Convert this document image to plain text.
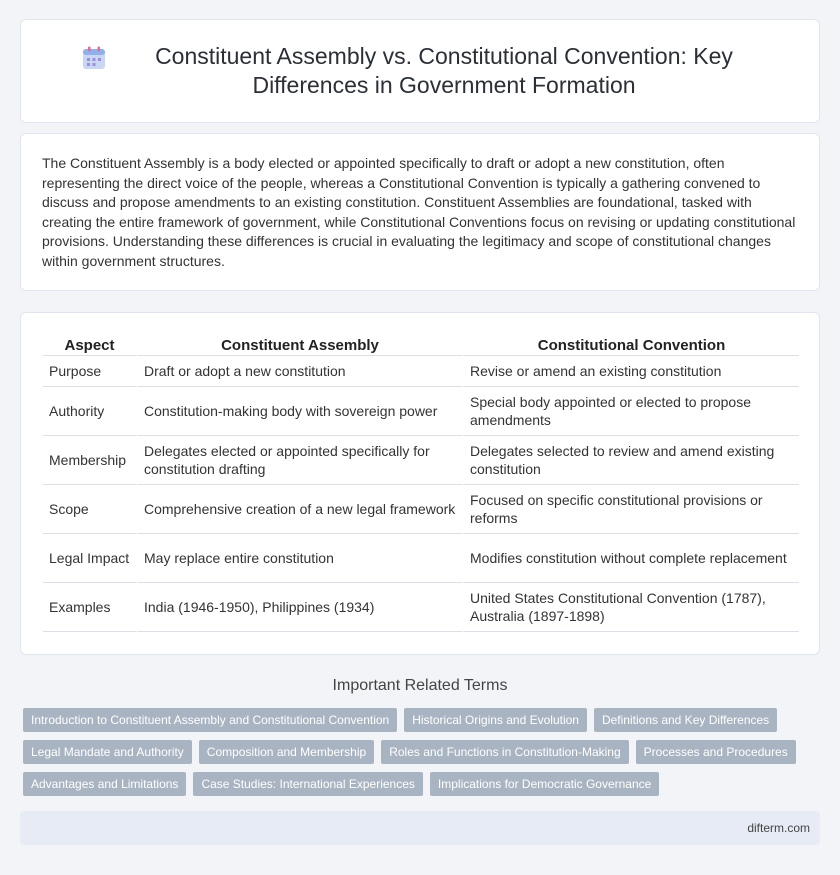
Constituent Assembly vs. Constitutional Convention: Key Differences in Government Formation

The Constituent Assembly is a body elected or appointed specifically to draft or adopt a new constitution, often representing the direct voice of the people, whereas a Constitutional Convention is typically a gathering convened to discuss and propose amendments to an existing constitution. Constituent Assemblies are foundational, tasked with creating the entire framework of government, while Constitutional Conventions focus on revising or updating constitutional provisions. Understanding these differences is crucial in evaluating the legitimacy and scope of constitutional changes within government structures.

Aspect	Constituent Assembly	Constitutional Convention
Purpose	Draft or adopt a new constitution	Revise or amend an existing constitution
Authority	Constitution-making body with sovereign power	Special body appointed or elected to propose amendments
Membership	Delegates elected or appointed specifically for constitution drafting	Delegates selected to review and amend existing constitution
Scope	Comprehensive creation of a new legal framework	Focused on specific constitutional provisions or reforms
Legal Impact	May replace entire constitution	Modifies constitution without complete replacement
Examples	India (1946-1950), Philippines (1934)	United States Constitutional Convention (1787), Australia (1897-1898)
Important Related Terms
Introduction to Constituent Assembly and Constitutional Convention	Historical Origins and Evolution	Definitions and Key Differences
Legal Mandate and Authority	Composition and Membership	Roles and Functions in Constitution-Making	Processes and Procedures
Advantages and Limitations	Case Studies: International Experiences	Implications for Democratic Governance
difterm.com
